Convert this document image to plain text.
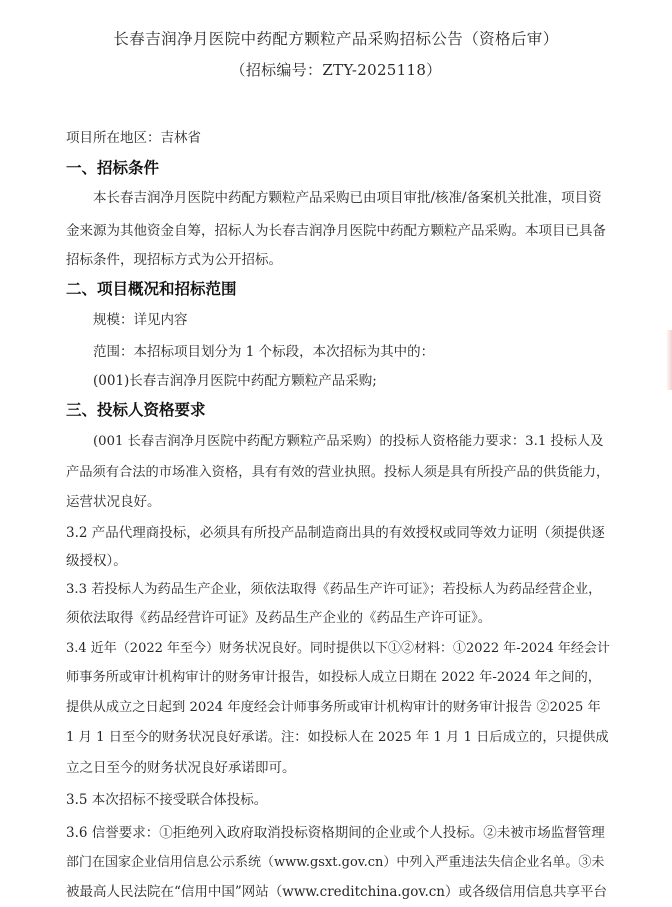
长春吉润净月医院中药配方颗粒产品采购招标公告（资格后审）
（招标编号：ZTY-2025118）
项目所在地区：吉林省
一、招标条件
本长春吉润净月医院中药配方颗粒产品采购已由项目审批/核准/备案机关批准，项目资
金来源为其他资金自筹，招标人为长春吉润净月医院中药配方颗粒产品采购。本项目已具备
招标条件，现招标方式为公开招标。
二、项目概况和招标范围
规模：详见内容
范围：本招标项目划分为 1 个标段，本次招标为其中的：
(001)长春吉润净月医院中药配方颗粒产品采购;
三、投标人资格要求
(001 长春吉润净月医院中药配方颗粒产品采购）的投标人资格能力要求：3.1 投标人及
产品须有合法的市场准入资格，具有有效的营业执照。投标人须是具有所投产品的供货能力，
运营状况良好。
3.2 产品代理商投标，必须具有所投产品制造商出具的有效授权或同等效力证明（须提供逐
级授权）。
3.3 若投标人为药品生产企业，须依法取得《药品生产许可证》；若投标人为药品经营企业，
须依法取得《药品经营许可证》及药品生产企业的《药品生产许可证》。
3.4 近年（2022 年至今）财务状况良好。同时提供以下①②材料：①2022 年-2024 年经会计
师事务所或审计机构审计的财务审计报告，如投标人成立日期在 2022 年-2024 年之间的，
提供从成立之日起到 2024 年度经会计师事务所或审计机构审计的财务审计报告 ②2025 年
1 月 1 日至今的财务状况良好承诺。注：如投标人在 2025 年 1 月 1 日后成立的，只提供成
立之日至今的财务状况良好承诺即可。
3.5 本次招标不接受联合体投标。
3.6 信誉要求：①拒绝列入政府取消投标资格期间的企业或个人投标。②未被市场监督管理
部门在国家企业信用信息公示系统（www.gsxt.gov.cn）中列入严重违法失信企业名单。③未
被最高人民法院在“信用中国”网站（www.creditchina.gov.cn）或各级信用信息共享平台
